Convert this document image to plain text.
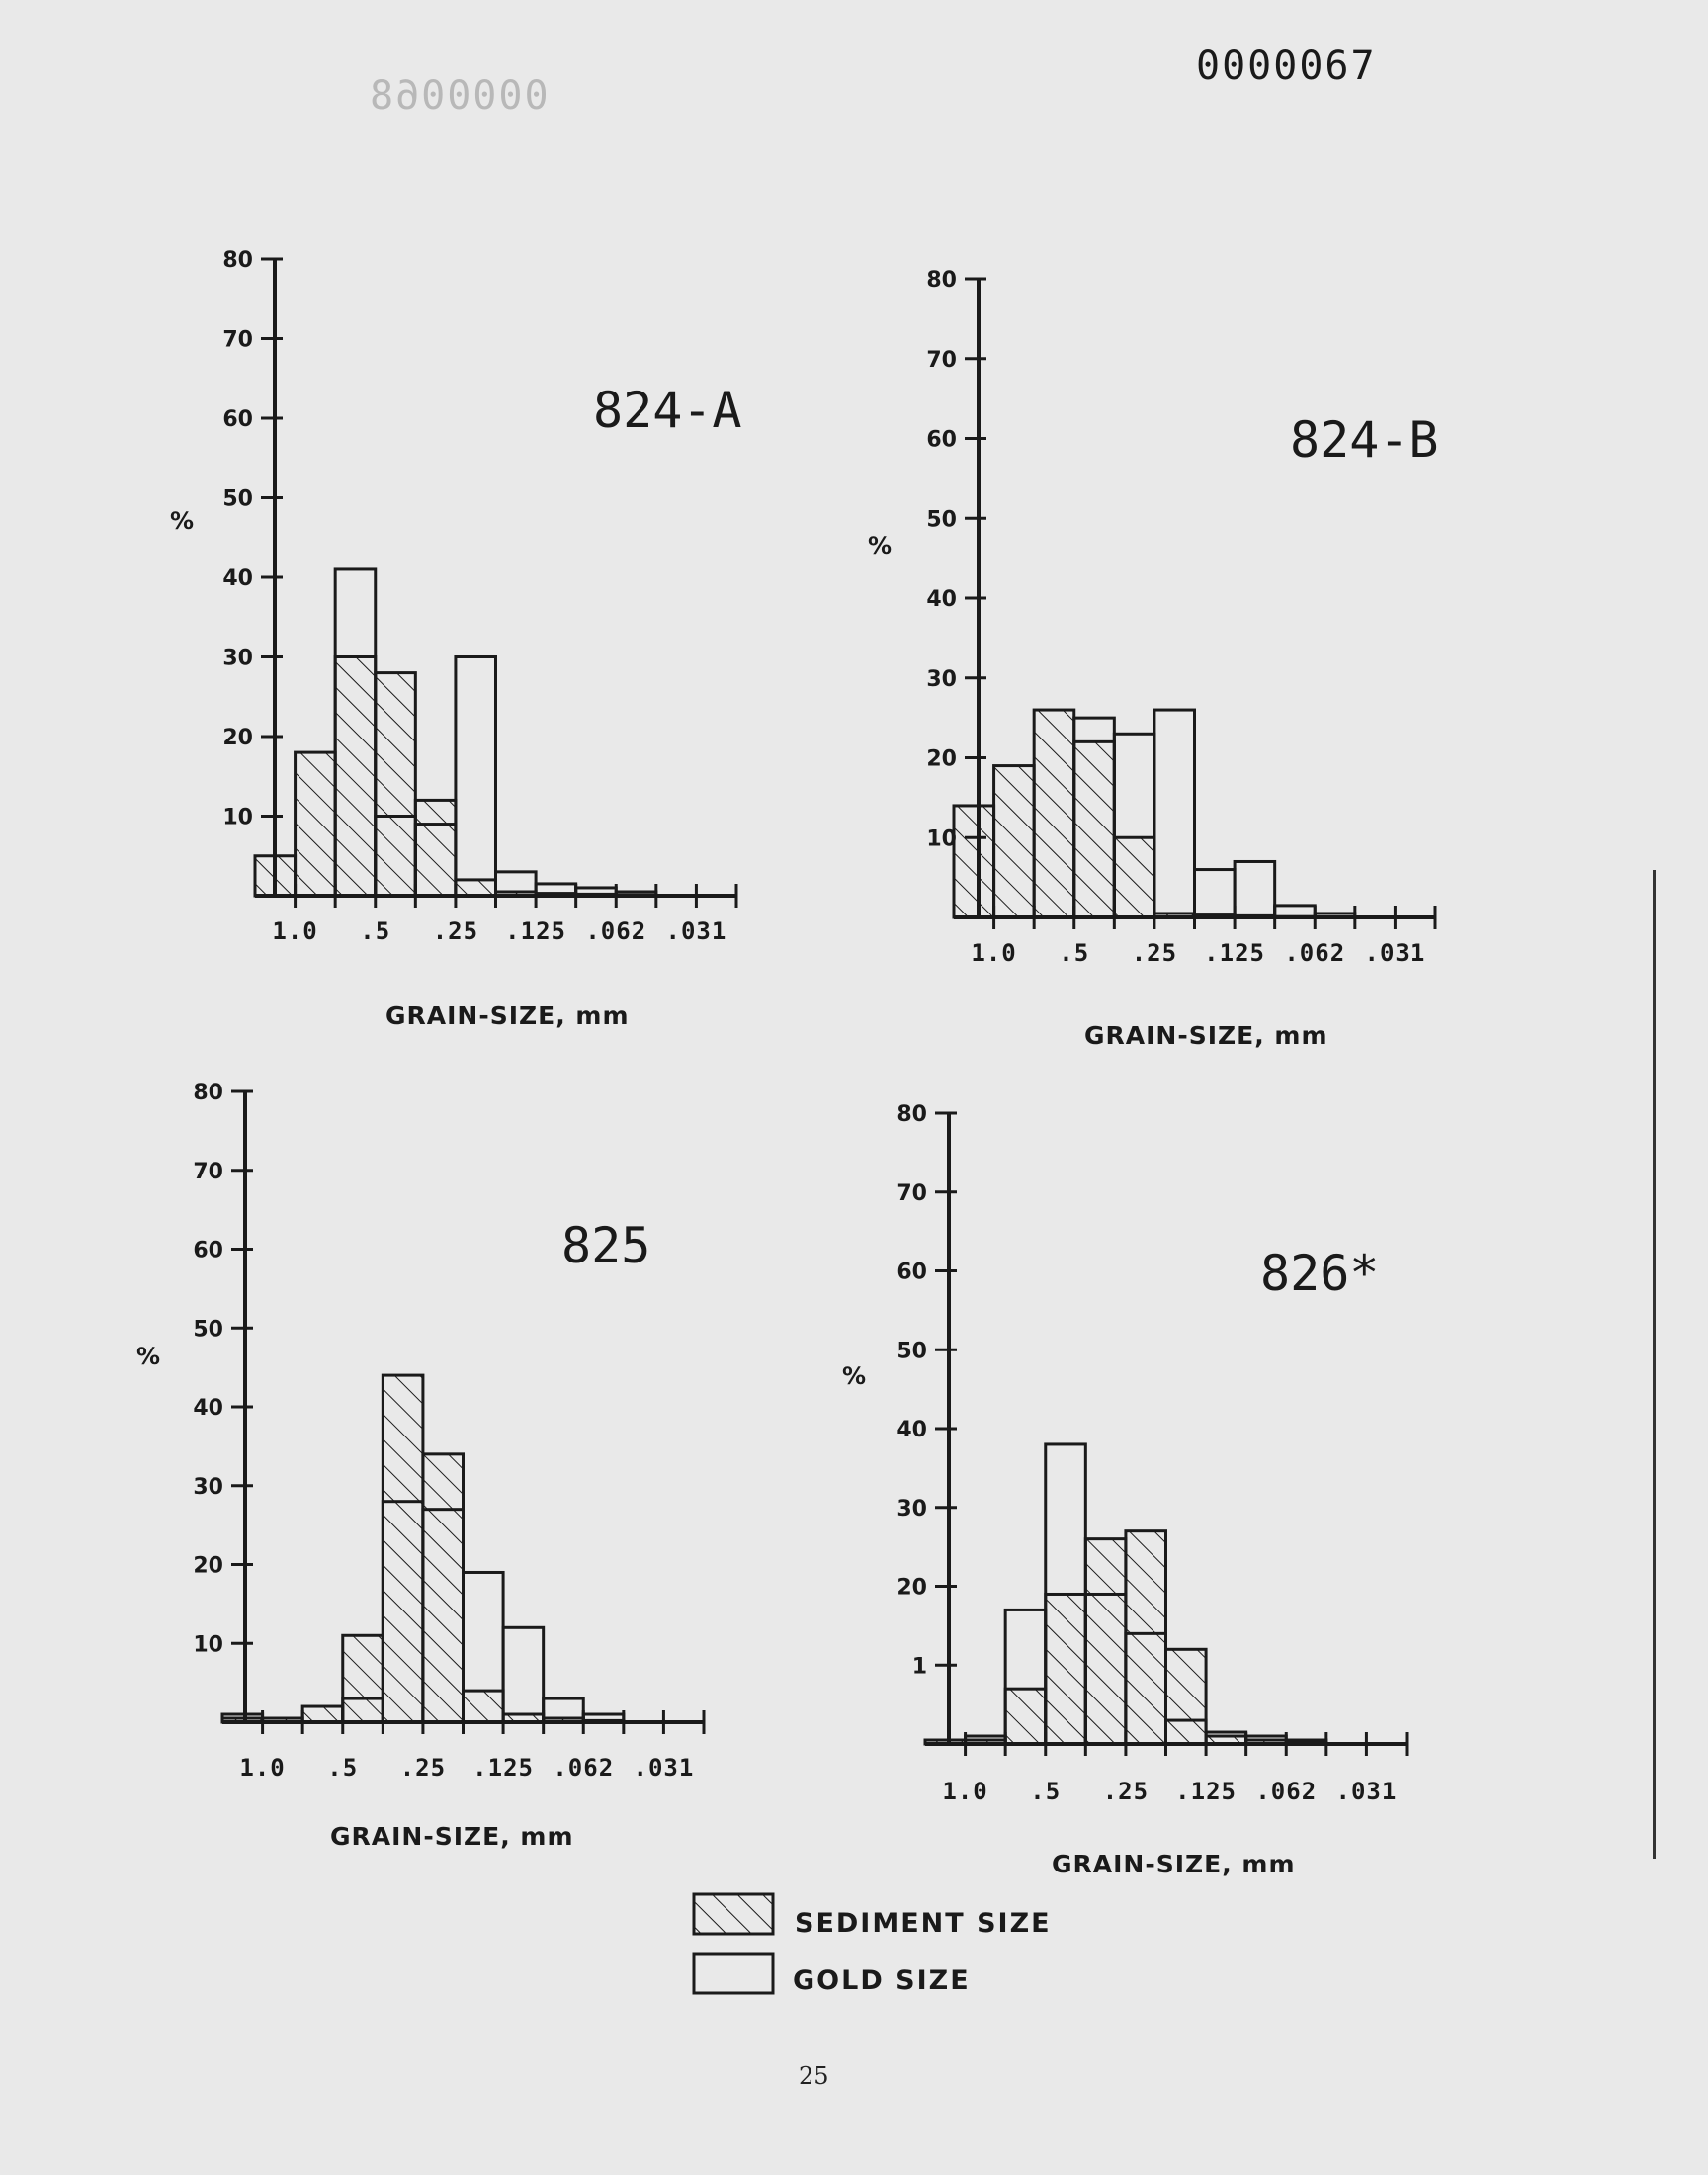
0000067
0000068
80
70
60
50
40
30
20
10
1.0 .5 .25 .125 .062 .031
824-A
%
GRAIN-SIZE, mm
80
70
60
50
40
30
20
10
1.0 .5 .25 .125 .062 .031
824-B
%
GRAIN-SIZE, mm
80
70
60
50
40
30
20
10
1.0 .5 .25 .125 .062 .031
825
%
GRAIN-SIZE, mm
80
70
60
50
40
30
20
1
1.0 .5 .25 .125 .062 .031
826*
%
GRAIN-SIZE, mm
SEDIMENT SIZE
GOLD SIZE
25
